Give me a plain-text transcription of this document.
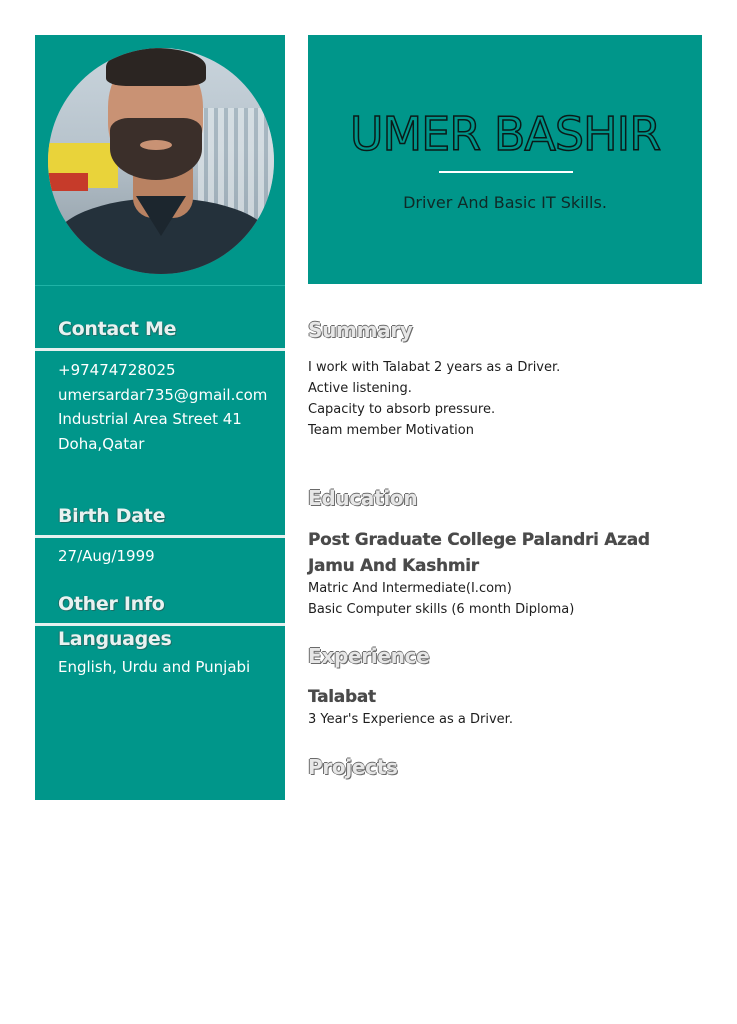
Contact Me
+97474728025
umersardar735@gmail.com
Industrial Area Street 41
Doha,Qatar
Birth Date
27/Aug/1999
Other Info
Languages
English, Urdu and Punjabi
UMER BASHIR
Driver And Basic IT Skills.
Summary
I work with Talabat 2 years as a Driver.
Active listening.
Capacity to absorb pressure.
Team member Motivation
Education
Post Graduate College Palandri Azad Jamu And Kashmir
Matric And Intermediate(I.com)
Basic Computer skills (6 month Diploma)
Experience
Talabat
3 Year's Experience as a Driver.
Projects
